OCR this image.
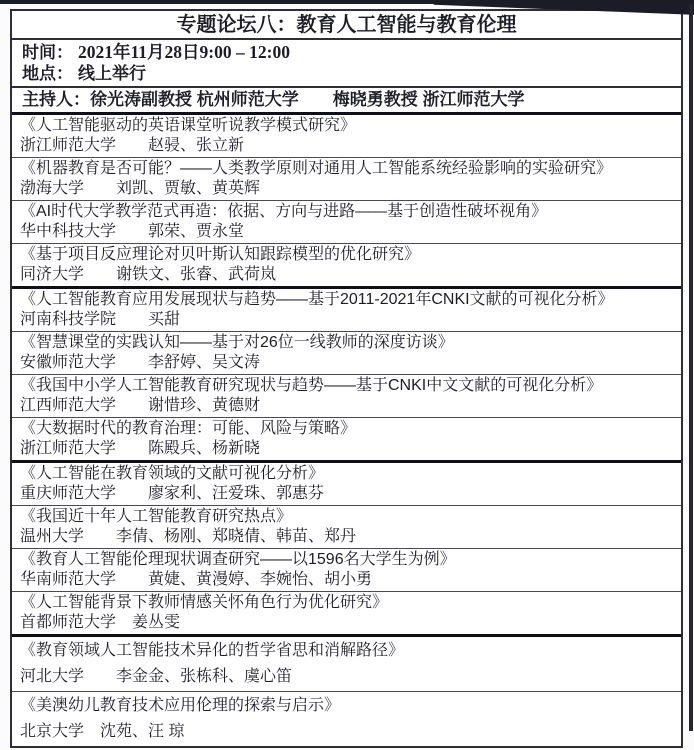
专题论坛八：教育人工智能与教育伦理
时间： 2021年11月28日9:00 – 12:00
地点： 线上举行
主持人：徐光涛副教授 杭州师范大学　　梅晓勇教授 浙江师范大学
《人工智能驱动的英语课堂听说教学模式研究》
浙江师范大学　　赵骎、张立新
《机器教育是否可能？——人类教学原则对通用人工智能系统经验影响的实验研究》
渤海大学　　刘凯、贾敏、黄英辉
《AI时代大学教学范式再造：依据、方向与进路——基于创造性破坏视角》
华中科技大学　　郭荣、贾永堂
《基于项目反应理论对贝叶斯认知跟踪模型的优化研究》
同济大学　　谢铁文、张睿、武荷岚
《人工智能教育应用发展现状与趋势——基于2011-2021年CNKI文献的可视化分析》
河南科技学院　　买甜
《智慧课堂的实践认知——基于对26位一线教师的深度访谈》
安徽师范大学　　李舒婷、吴文涛
《我国中小学人工智能教育研究现状与趋势——基于CNKI中文文献的可视化分析》
江西师范大学　　谢惜珍、黄德财
《大数据时代的教育治理：可能、风险与策略》
浙江师范大学　　陈殿兵、杨新晓
《人工智能在教育领域的文献可视化分析》
重庆师范大学　　廖家利、汪爱珠、郭惠芬
《我国近十年人工智能教育研究热点》
温州大学　　李倩、杨刚、郑晓倩、韩苗、郑丹
《教育人工智能伦理现状调查研究——以1596名大学生为例》
华南师范大学　　黄婕、黄漫婷、李婉怡、胡小勇
《人工智能背景下教师情感关怀角色行为优化研究》
首都师范大学　姜丛雯
《教育领域人工智能技术异化的哲学省思和消解路径》
河北大学　　李金金、张栋科、虞心笛
《美澳幼儿教育技术应用伦理的探索与启示》
北京大学　沈苑、汪 琼
